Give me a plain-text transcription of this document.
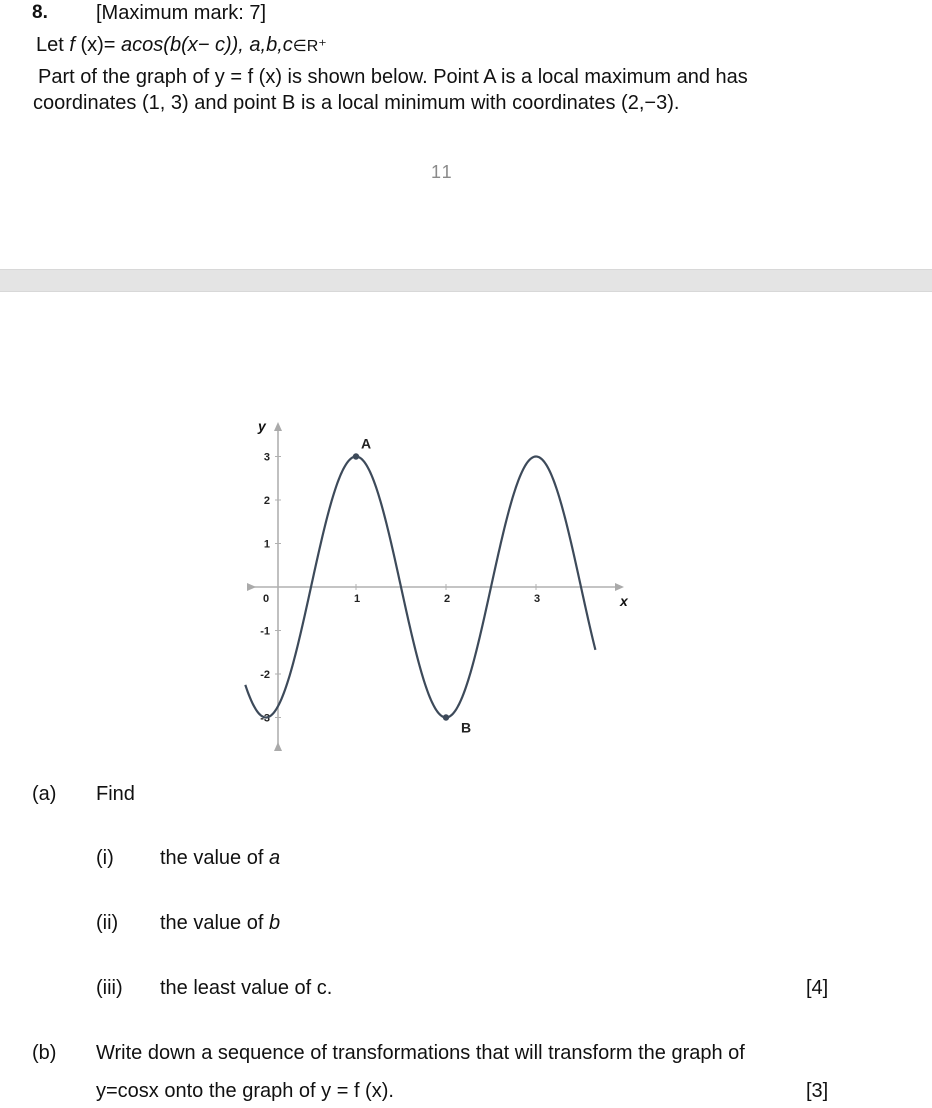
8. [Maximum mark: 7]
Let f (x)= acos(b(x− c)), a,b,c∈R⁺
Part of the graph of y = f (x) is shown below. Point A is a local maximum and has
coordinates (1, 3) and point B is a local minimum with coordinates (2,−3).
11
0	1	2	3
3
2
1
-1
-2
-3
A
B
x
y
(a) Find
(i) the value of a
(ii) the value of b
(iii) the least value of c.	[4]
(b) Write down a sequence of transformations that will transform the graph of
y=cosx onto the graph of y = f (x).	[3]
